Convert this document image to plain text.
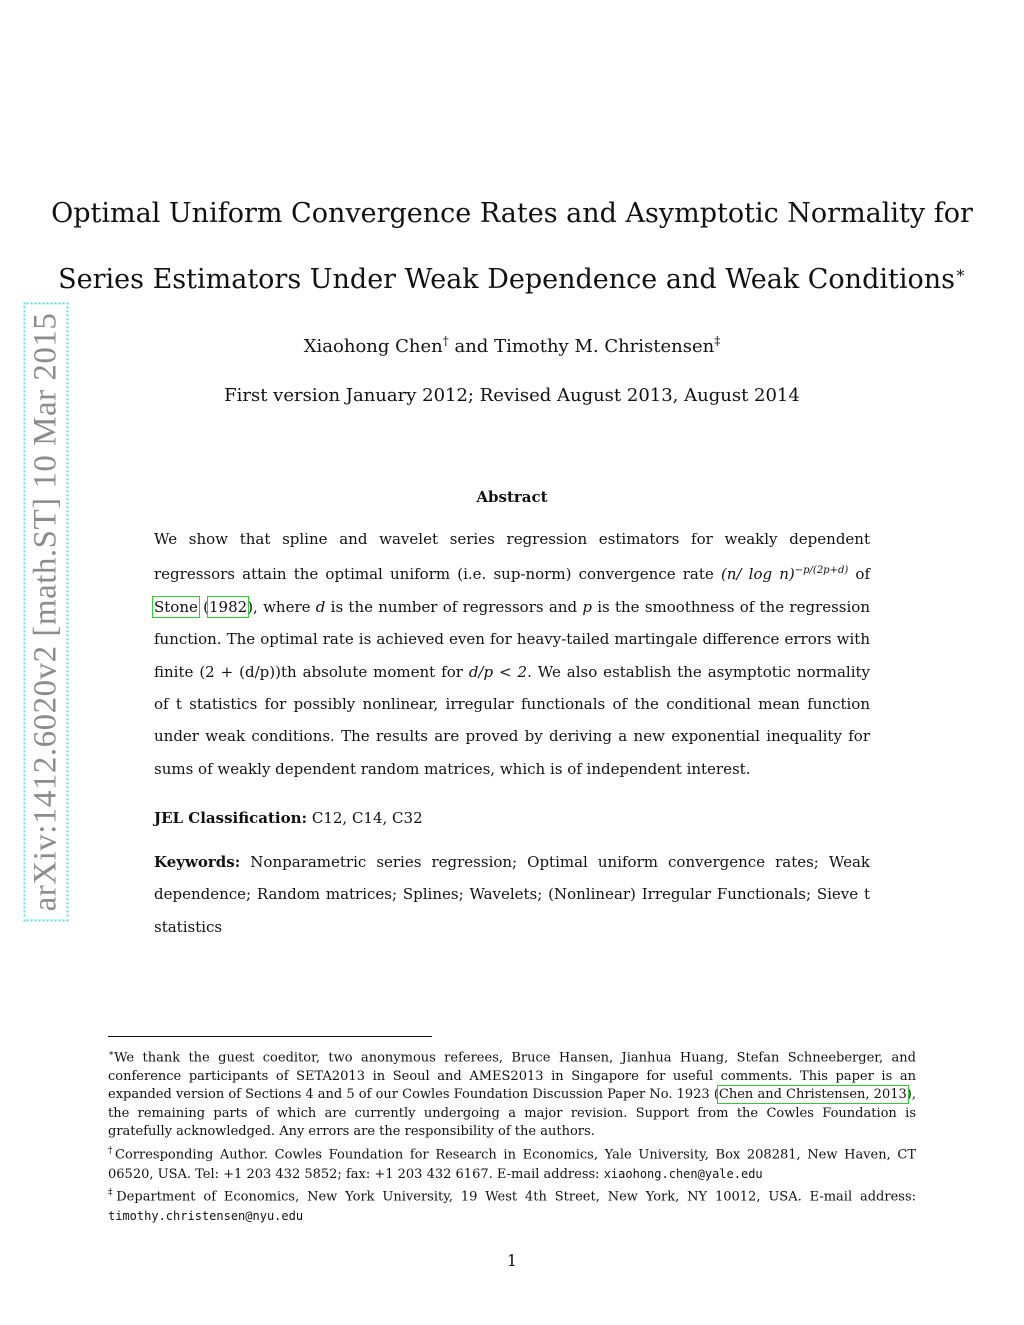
arXiv:1412.6020v2 [math.ST] 10 Mar 2015
Optimal Uniform Convergence Rates and Asymptotic Normality for
Series Estimators Under Weak Dependence and Weak Conditions∗
Xiaohong Chen† and Timothy M. Christensen‡
First version January 2012; Revised August 2013, August 2014
Abstract
We show that spline and wavelet series regression estimators for weakly dependent regressors attain the optimal uniform (i.e. sup-norm) convergence rate (n/ log n)$^{-p/(2p+d)}$ of Stone (1982), where d is the number of regressors and p is the smoothness of the regression function. The optimal rate is achieved even for heavy-tailed martingale difference errors with finite (2 + (d/p))th absolute moment for d/p < 2. We also establish the asymptotic normality of t statistics for possibly nonlinear, irregular functionals of the conditional mean function under weak conditions. The results are proved by deriving a new exponential inequality for sums of weakly dependent random matrices, which is of independent interest.
JEL Classification: C12, C14, C32
Keywords: Nonparametric series regression; Optimal uniform convergence rates; Weak dependence; Random matrices; Splines; Wavelets; (Nonlinear) Irregular Functionals; Sieve t statistics
∗We thank the guest coeditor, two anonymous referees, Bruce Hansen, Jianhua Huang, Stefan Schneeberger, and conference participants of SETA2013 in Seoul and AMES2013 in Singapore for useful comments. This paper is an expanded version of Sections 4 and 5 of our Cowles Foundation Discussion Paper No. 1923 (Chen and Christensen, 2013), the remaining parts of which are currently undergoing a major revision. Support from the Cowles Foundation is gratefully acknowledged. Any errors are the responsibility of the authors.
†Corresponding Author. Cowles Foundation for Research in Economics, Yale University, Box 208281, New Haven, CT 06520, USA. Tel: +1 203 432 5852; fax: +1 203 432 6167. E-mail address: xiaohong.chen@yale.edu
‡Department of Economics, New York University, 19 West 4th Street, New York, NY 10012, USA. E-mail address: timothy.christensen@nyu.edu
1
